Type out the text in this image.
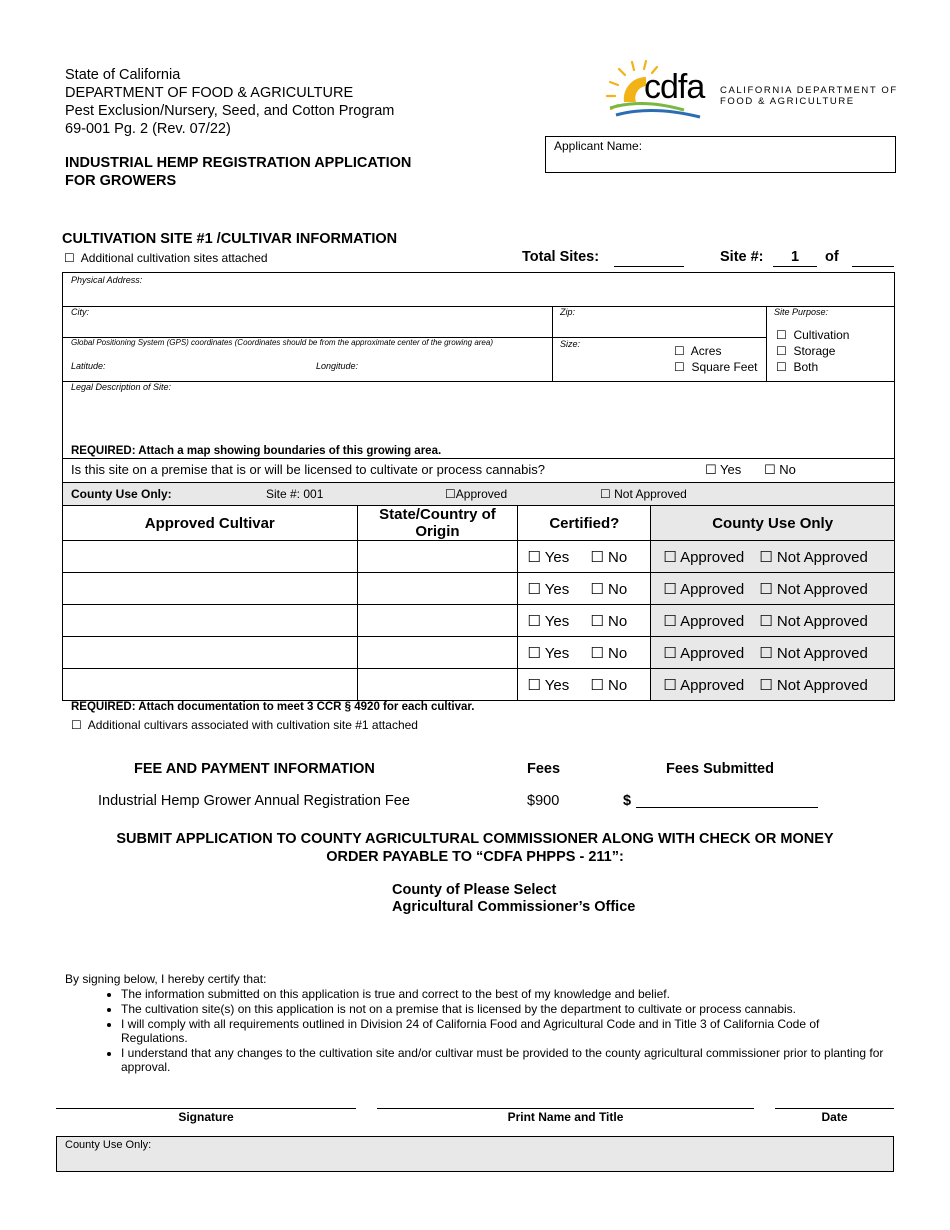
State of California
DEPARTMENT OF FOOD & AGRICULTURE
Pest Exclusion/Nursery, Seed, and Cotton Program
69-001 Pg. 2 (Rev. 07/22)
INDUSTRIAL HEMP REGISTRATION APPLICATION
FOR GROWERS
cdfa CALIFORNIA DEPARTMENT OF
FOOD & AGRICULTURE
Applicant Name:
CULTIVATION SITE #1 /CULTIVAR INFORMATION
☐ Additional cultivation sites attached	Total Sites:	Site #:	1	of
Physical Address:
City:	Zip:	Site Purpose:
Global Positioning System (GPS) coordinates (Coordinates should be from the approximate center of the growing area)
Latitude:	Longitude:
Size:	☐ Acres
☐ Square Feet
☐ Cultivation
☐ Storage
☐ Both
Legal Description of Site:
REQUIRED: Attach a map showing boundaries of this growing area.
Is this site on a premise that is or will be licensed to cultivate or process cannabis?	☐ Yes ☐ No
County Use Only:	Site #: 001	☐Approved	☐ Not Approved
Approved Cultivar	State/Country of Origin	Certified?	County Use Only
		☐ Yes ☐ No	☐ Approved ☐ Not Approved
		☐ Yes ☐ No	☐ Approved ☐ Not Approved
		☐ Yes ☐ No	☐ Approved ☐ Not Approved
		☐ Yes ☐ No	☐ Approved ☐ Not Approved
		☐ Yes ☐ No	☐ Approved ☐ Not Approved
REQUIRED: Attach documentation to meet 3 CCR § 4920 for each cultivar.
☐ Additional cultivars associated with cultivation site #1 attached
FEE AND PAYMENT INFORMATION	Fees	Fees Submitted
Industrial Hemp Grower Annual Registration Fee	$900	$
SUBMIT APPLICATION TO COUNTY AGRICULTURAL COMMISSIONER ALONG WITH CHECK OR MONEY
ORDER PAYABLE TO “CDFA PHPPS - 211”:
County of Please Select
Agricultural Commissioner’s Office
By signing below, I hereby certify that:
• The information submitted on this application is true and correct to the best of my knowledge and belief.
• The cultivation site(s) on this application is not on a premise that is licensed by the department to cultivate or process cannabis.
• I will comply with all requirements outlined in Division 24 of California Food and Agricultural Code and in Title 3 of California Code of Regulations.
• I understand that any changes to the cultivation site and/or cultivar must be provided to the county agricultural commissioner prior to planting for approval.
Signature	Print Name and Title	Date
County Use Only:
